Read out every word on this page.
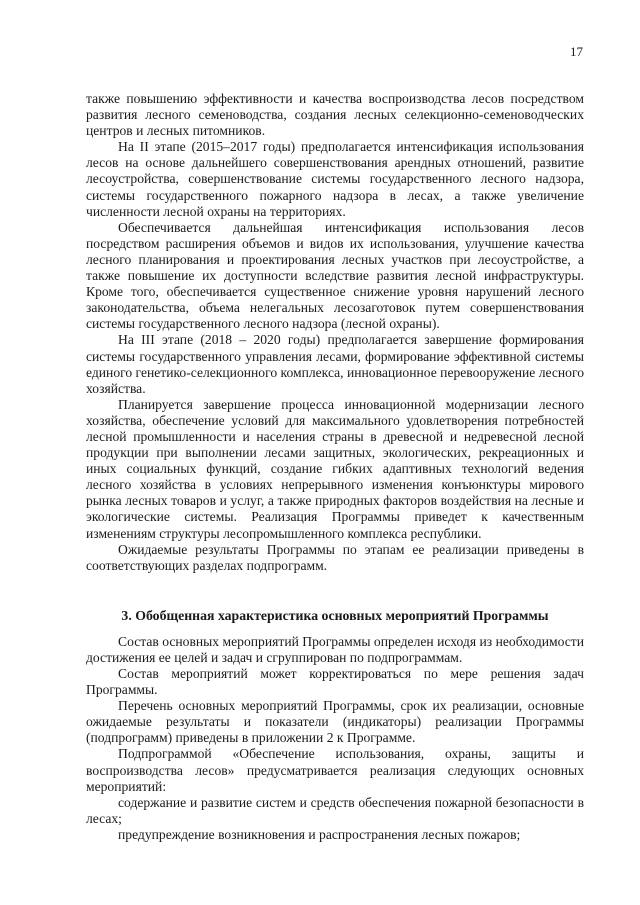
17

также повышению эффективности и качества воспроизводства лесов посредством развития лесного семеноводства, создания лесных селекционно-семеноводческих центров и лесных питомников.

На II этапе (2015–2017 годы) предполагается интенсификация использования лесов на основе дальнейшего совершенствования арендных отношений, развитие лесоустройства, совершенствование системы государственного лесного надзора, системы государственного пожарного надзора в лесах, а также увеличение численности лесной охраны на территориях.

Обеспечивается дальнейшая интенсификация использования лесов посредством расширения объемов и видов их использования, улучшение качества лесного планирования и проектирования лесных участков при лесоустройстве, а также повышение их доступности вследствие развития лесной инфраструктуры. Кроме того, обеспечивается существенное снижение уровня нарушений лесного законодательства, объема нелегальных лесозаготовок путем совершенствования системы государственного лесного надзора (лесной охраны).

На III этапе (2018 – 2020 годы) предполагается завершение формирования системы государственного управления лесами, формирование эффективной системы единого генетико-селекционного комплекса, инновационное перевооружение лесного хозяйства.

Планируется завершение процесса инновационной модернизации лесного хозяйства, обеспечение условий для максимального удовлетворения потребностей лесной промышленности и населения страны в древесной и недревесной лесной продукции при выполнении лесами защитных, экологических, рекреационных и иных социальных функций, создание гибких адаптивных технологий ведения лесного хозяйства в условиях непрерывного изменения конъюнктуры мирового рынка лесных товаров и услуг, а также природных факторов воздействия на лесные и экологические системы. Реализация Программы приведет к качественным изменениям структуры лесопромышленного комплекса республики.

Ожидаемые результаты Программы по этапам ее реализации приведены в соответствующих разделах подпрограмм.

3. Обобщенная характеристика основных мероприятий Программы

Состав основных мероприятий Программы определен исходя из необходимости достижения ее целей и задач и сгруппирован по подпрограммам.

Состав мероприятий может корректироваться по мере решения задач Программы.

Перечень основных мероприятий Программы, срок их реализации, основные ожидаемые результаты и показатели (индикаторы) реализации Программы (подпрограмм) приведены в приложении 2 к Программе.

Подпрограммой «Обеспечение использования, охраны, защиты и воспроизводства лесов» предусматривается реализация следующих основных мероприятий:

содержание и развитие систем и средств обеспечения пожарной безопасности в лесах;

предупреждение возникновения и распространения лесных пожаров;
